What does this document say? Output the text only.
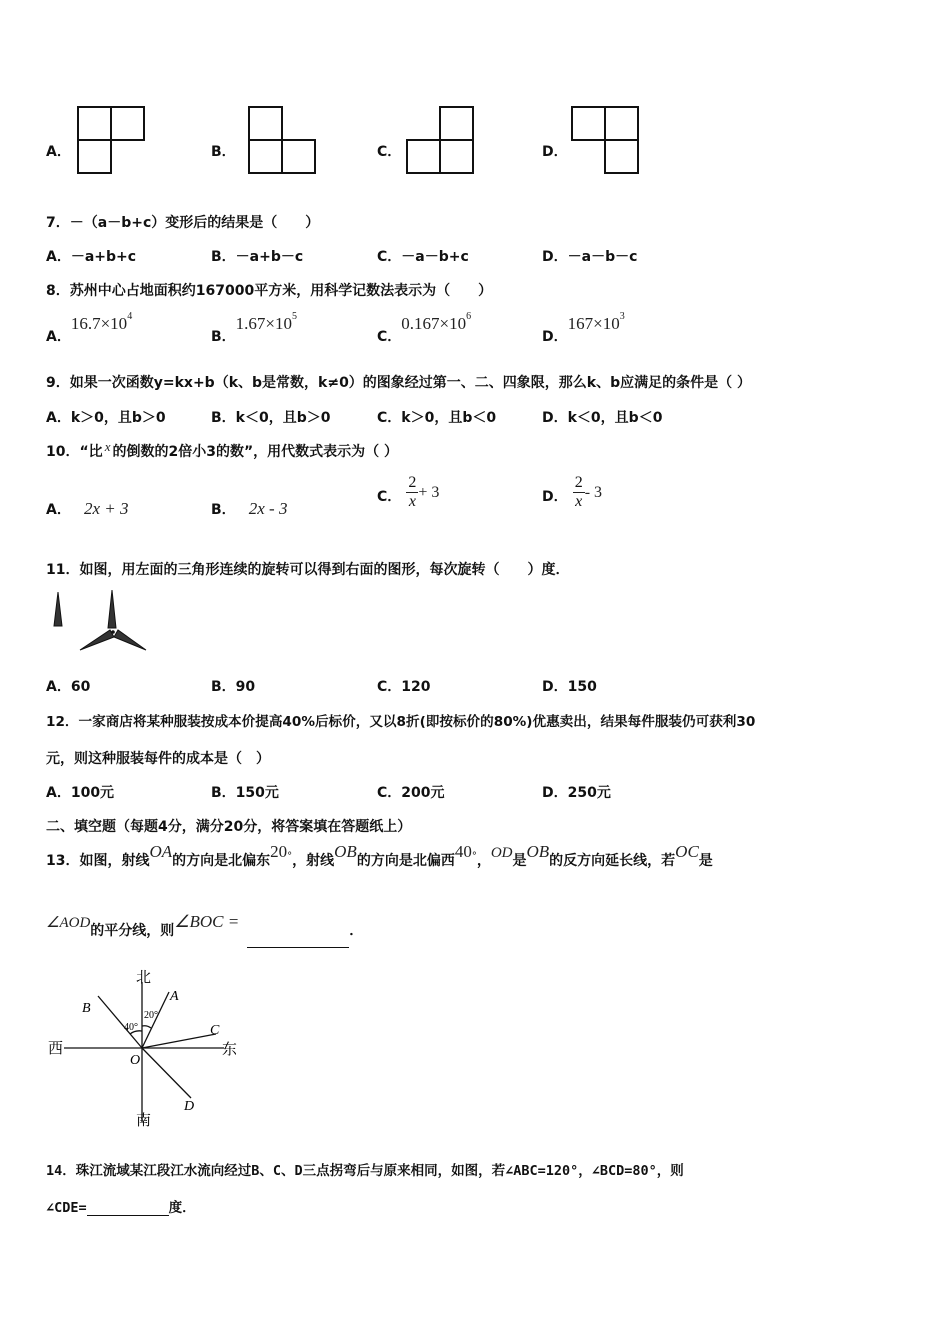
A．	B．	C．	D．
7．－（a－b+c）变形后的结果是（　　）
A．－a+b+c	B．－a+b－c	C．－a－b+c	D．－a－b－c
8．苏州中心占地面积约167000平方米，用科学记数法表示为（　　）
A．$16.7\times 10^4$
B．$1.67\times 10^5$
C．$0.167\times 10^6$
D．$167\times 10^3$
9．如果一次函数y=kx+b（k、b是常数，k≠0）的图象经过第一、二、四象限，那么k、b应满足的条件是（ ）
A．k＞0，且b＞0	B．k＜0，且b＞0	C．k＞0，且b＜0	D．k＜0，且b＜0
10．“比 x 的倒数的2倍小3的数”，用代数式表示为（ ）
A． 2x + 3	B． 2x - 3
C． $\frac{2}{x} + 3$	D． $\frac{2}{x} - 3$
11．如图，用左面的三角形连续的旋转可以得到右面的图形，每次旋转（　　）度．
A．60	B．90	C．120	D．150
12．一家商店将某种服装按成本价提高40%后标价，又以8折(即按标价的80%)优惠卖出，结果每件服装仍可获利30
元，则这种服装每件的成本是（　）
A．100元	B．150元	C．200元	D．250元
二、填空题（每题4分，满分20分，将答案填在答题纸上）
13．如图，射线OA的方向是北偏东20°，射线OB的方向是北偏西40°，OD是OB的反方向延长线，若OC是
∠AOD的平分线，则∠BOC =	．
北
南
西	东
A
B
C
D
O
40°
20°
14．珠江流域某江段江水流向经过B、C、D三点拐弯后与原来相同，如图，若∠ABC=120°，∠BCD=80°，则
∠CDE=	度．
